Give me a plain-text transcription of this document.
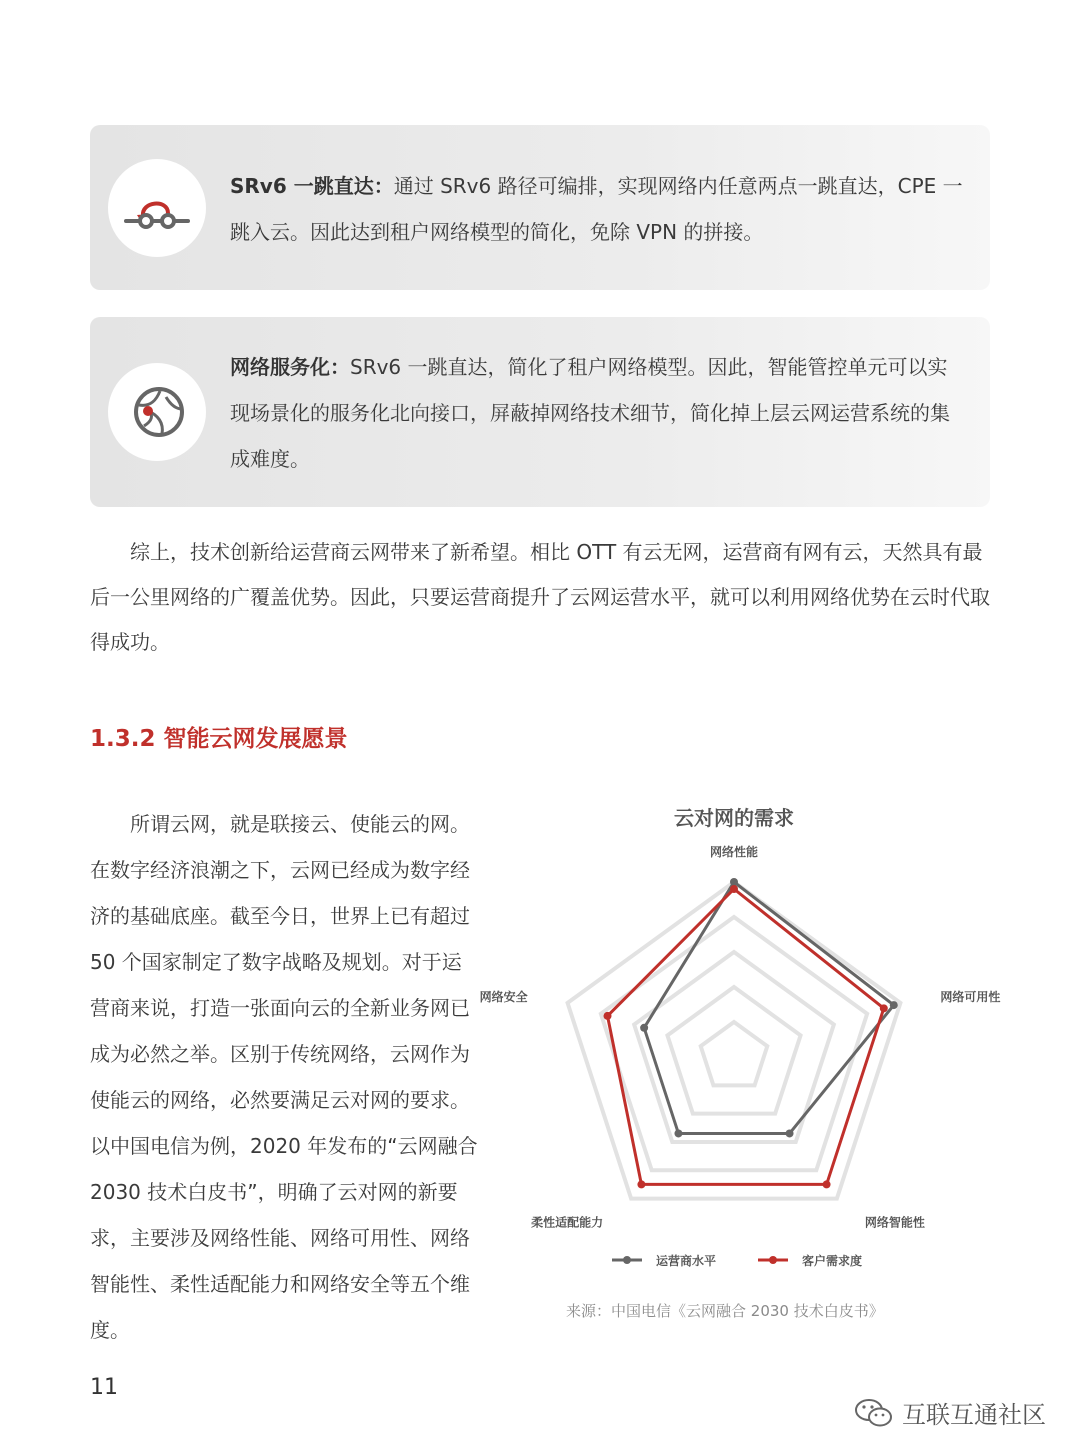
SRv6 一跳直达：通过 SRv6 路径可编排，实现网络内任意两点一跳直达，CPE 一跳入云。因此达到租户网络模型的简化，免除 VPN 的拼接。
网络服务化：SRv6 一跳直达，简化了租户网络模型。因此，智能管控单元可以实现场景化的服务化北向接口，屏蔽掉网络技术细节，简化掉上层云网运营系统的集成难度。

综上，技术创新给运营商云网带来了新希望。相比 OTT 有云无网，运营商有网有云，天然具有最后一公里网络的广覆盖优势。因此，只要运营商提升了云网运营水平，就可以利用网络优势在云时代取得成功。

1.3.2 智能云网发展愿景

所谓云网，就是联接云、使能云的网。在数字经济浪潮之下，云网已经成为数字经济的基础底座。截至今日，世界上已有超过 50 个国家制定了数字战略及规划。对于运营商来说，打造一张面向云的全新业务网已成为必然之举。区别于传统网络，云网作为使能云的网络，必然要满足云对网的要求。以中国电信为例，2020 年发布的“云网融合 2030 技术白皮书”，明确了云对网的新要求，主要涉及网络性能、网络可用性、网络智能性、柔性适配能力和网络安全等五个维度。

云对网的需求
网络性能
网络可用性
网络智能性
柔性适配能力
网络安全
运营商水平	客户需求度
来源：中国电信《云网融合 2030 技术白皮书》
11
互联互通社区
